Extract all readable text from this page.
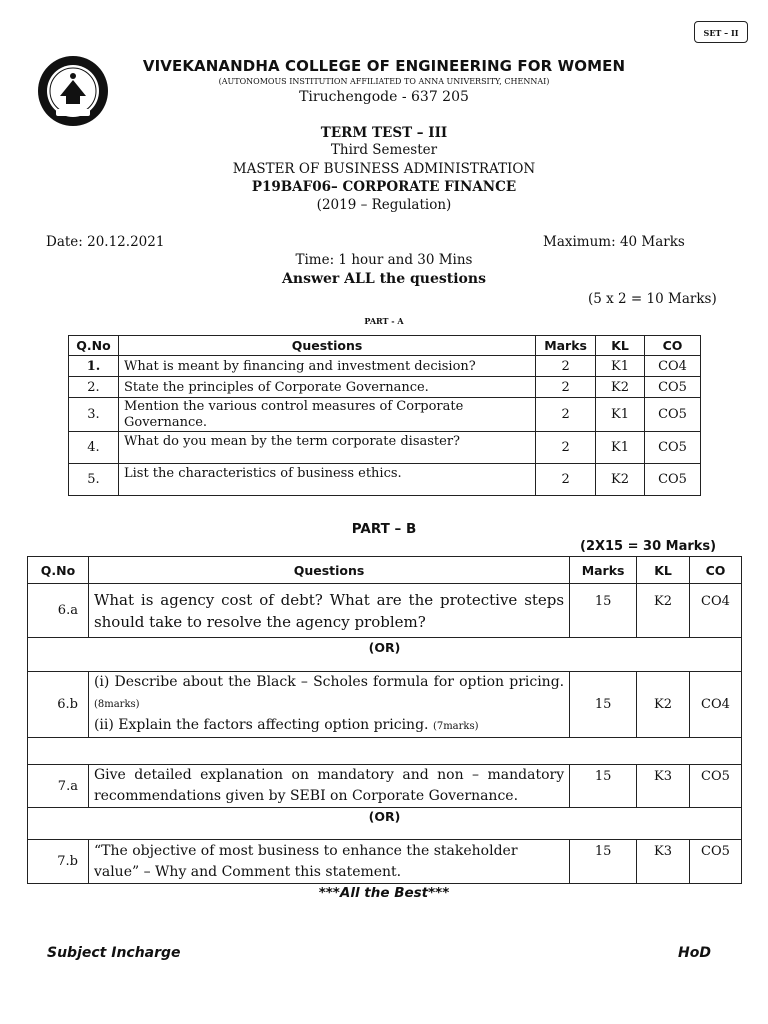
SET – II
VIVEKANANDHA COLLEGE OF ENGINEERING FOR WOMEN
(AUTONOMOUS INSTITUTION AFFILIATED TO ANNA UNIVERSITY, CHENNAI)
Tiruchengode - 637 205
TERM TEST – III
Third Semester
MASTER OF BUSINESS ADMINISTRATION
P19BAF06– CORPORATE FINANCE
(2019 – Regulation)
Date: 20.12.2021	Maximum: 40 Marks
Time: 1 hour and 30 Mins
Answer ALL the questions
(5 x 2 = 10 Marks)
PART - A
Q.No	Questions	Marks	KL	CO
1.	What is meant by financing and investment decision?	2	K1	CO4
2.	State the principles of Corporate Governance.	2	K2	CO5
3.	Mention the various control measures of Corporate Governance.	2	K1	CO5
4.	What do you mean by the term corporate disaster?	2	K1	CO5
5.	List the characteristics of business ethics.	2	K2	CO5
PART – B
(2X15 = 30 Marks)
Q.No	Questions	Marks	KL	CO
6.a	What is agency cost of debt? What are the protective steps should take to resolve the agency problem?	15	K2	CO4
(OR)				
6.b	(i) Describe about the Black – Scholes formula for option pricing. (8marks)
(ii) Explain the factors affecting option pricing. (7marks)	15	K2	CO4

7.a	Give detailed explanation on mandatory and non – mandatory recommendations given by SEBI on Corporate Governance.	15	K3	CO5
(OR)				
7.b	“The objective of most business to enhance the stakeholder value” – Why and Comment this statement.	15	K3	CO5
***All the Best***
Subject Incharge	HoD
